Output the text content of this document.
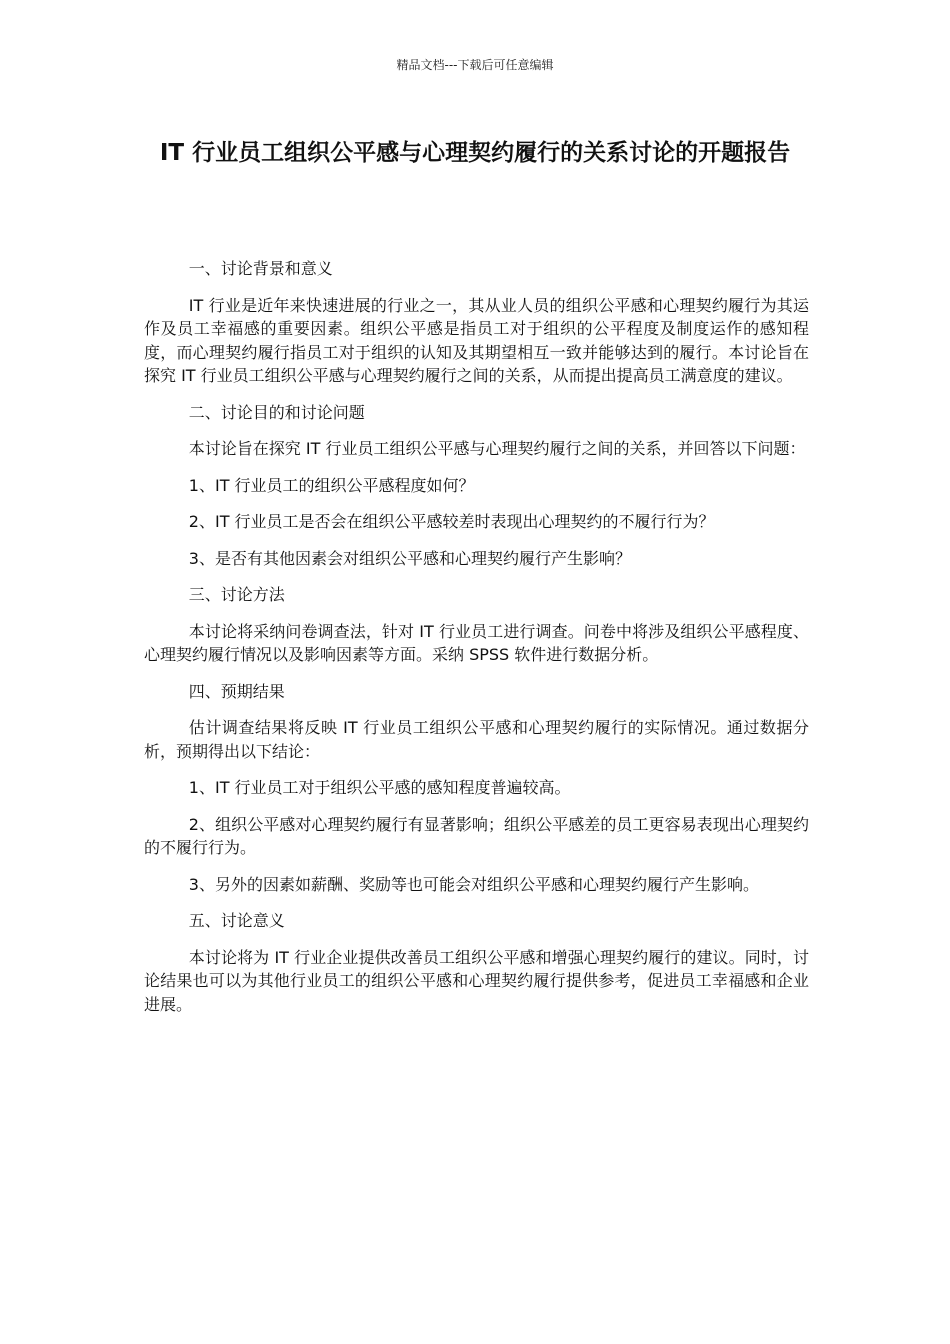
精品文档---下载后可任意编辑
IT 行业员工组织公平感与心理契约履行的关系讨论的开题报告

一、讨论背景和意义

IT 行业是近年来快速进展的行业之一，其从业人员的组织公平感和心理契约履行为其运作及员工幸福感的重要因素。组织公平感是指员工对于组织的公平程度及制度运作的感知程度，而心理契约履行指员工对于组织的认知及其期望相互一致并能够达到的履行。本讨论旨在探究 IT 行业员工组织公平感与心理契约履行之间的关系，从而提出提高员工满意度的建议。

二、讨论目的和讨论问题

本讨论旨在探究 IT 行业员工组织公平感与心理契约履行之间的关系，并回答以下问题：

1、IT 行业员工的组织公平感程度如何？

2、IT 行业员工是否会在组织公平感较差时表现出心理契约的不履行行为？

3、是否有其他因素会对组织公平感和心理契约履行产生影响？

三、讨论方法

本讨论将采纳问卷调查法，针对 IT 行业员工进行调查。问卷中将涉及组织公平感程度、心理契约履行情况以及影响因素等方面。采纳 SPSS 软件进行数据分析。

四、预期结果

估计调查结果将反映 IT 行业员工组织公平感和心理契约履行的实际情况。通过数据分析，预期得出以下结论：

1、IT 行业员工对于组织公平感的感知程度普遍较高。

2、组织公平感对心理契约履行有显著影响；组织公平感差的员工更容易表现出心理契约的不履行行为。

3、另外的因素如薪酬、奖励等也可能会对组织公平感和心理契约履行产生影响。

五、讨论意义

本讨论将为 IT 行业企业提供改善员工组织公平感和增强心理契约履行的建议。同时，讨论结果也可以为其他行业员工的组织公平感和心理契约履行提供参考，促进员工幸福感和企业进展。
